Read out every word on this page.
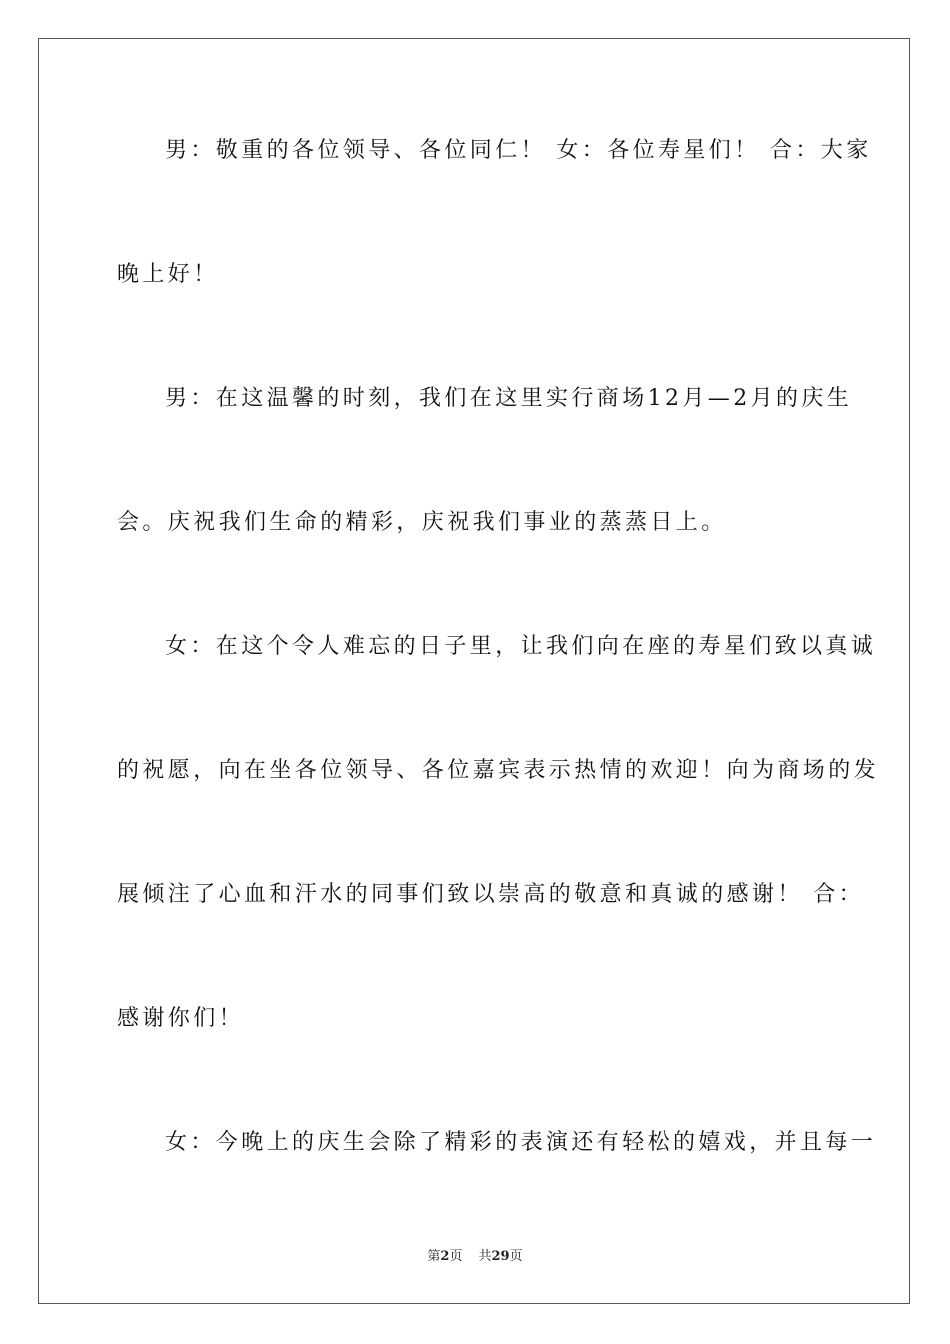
男：敬重的各位领导、各位同仁！ 女：各位寿星们！ 合：大家
晚上好！
男：在这温馨的时刻，我们在这里实行商场12月—2月的庆生
会。庆祝我们生命的精彩，庆祝我们事业的蒸蒸日上。
女：在这个令人难忘的日子里，让我们向在座的寿星们致以真诚
的祝愿，向在坐各位领导、各位嘉宾表示热情的欢迎！向为商场的发
展倾注了心血和汗水的同事们致以崇高的敬意和真诚的感谢！ 合：
感谢你们！
女：今晚上的庆生会除了精彩的表演还有轻松的嬉戏，并且每一
第2页 共29页
